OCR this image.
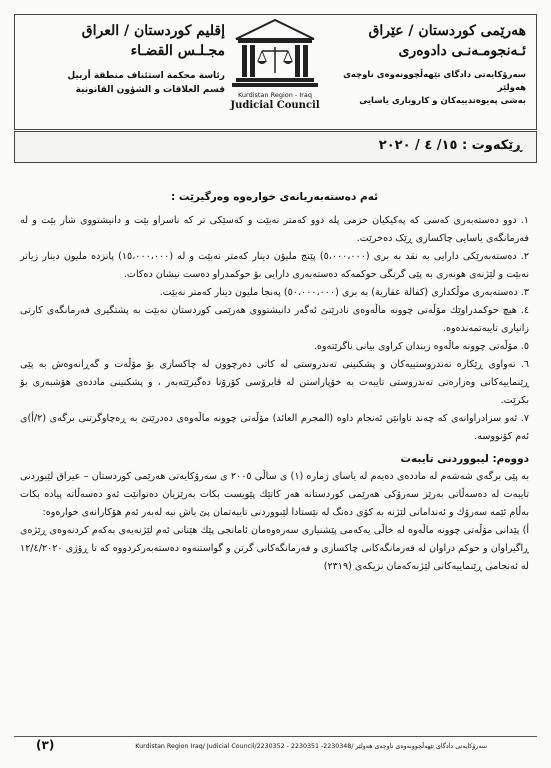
هەرێمی کوردستان / عێراق
ئـەنجومـەنـی دادوەری
سەرۆکایەتی دادگای تێهەڵچوونەوەی ناوچەی هەولێر
بەشی پەیوەندییەکان و کاروباری یاسایی
Kurdistan Region - Iraq
Judicial Council
إقليم كوردستان / العراق
مجـلـس القضـاء
رئاسة محكمة استئناف منطقة أربيل
قسم العلاقات و الشؤون القانونية
ڕێکەوت : ١٥/ ٤ / ٢٠٢٠

ئەم دەستەبەریانەی خوارەوە وەرگیرێت :

١. دوو دەستەبەری کەسی کە پەکیکیان خزمی پلە دوو کەمتر نەبێت و کەسێکی تر کە ناسراو بێت و دانیشتووی شار بێت و لە فەرمانگەی یاسایی چاکسازی ڕێک دەخرێت.

٢. دەستەبەرێکی دارایی بە نقد بە بری (٥،٠٠٠،٠٠٠) پێنج ملیۆن دینار کەمتر نەبێت و لە (١٥،٠٠٠،٠٠٠) پانزدە ملیون دینار زیاتر نەبێت و لێژنەی هونەری بە پێی گرنگی حوکمەکە دەستەبەری دارایی بۆ حوکمدراو دەست نیشان دەکات.

٣. دەستەبەری موڵکداری (كفالة عقارية) بە بری (٥٠،٠٠٠،٠٠٠) پەنجا ملیون دینار کەمتر نەبێت.

٤. هیچ حوکمدراوێك مۆڵەتی چوونە ماڵەوەی نادرێتێ ئەگەر دانیشتووی هەرێمی کوردستان نەبێت بە پشتگیری فەرمانگەی کارتی زانیاری تایبەتمەندەوە.

٥. مۆڵەتی چوونە ماڵەوە زیندان کراوی بیانی ناگرێتەوە.

٦. تەواوی ڕێکارە تەندروستییەکان و پشکنینی تەندروستی لە کاتی دەرچوون لە چاکسازی بۆ مۆڵەت و گەڕانەوەش بە پێی ڕێنماییەکانی وەزارەتی تەندروستی تایبەت بە خۆپاراستن لە ڤایرۆسی کۆرۆنا دەگیرێتەبەر ، و پشکنینی ماددەی هۆشبەری بۆ بکرێت.

٧. ئەو سزادراوانەی کە چەند تاوانێن ئەنجام داوە (المجرم العائد) مۆڵەتی چوونە ماڵەوەی دەدرێتێ بە ڕەچاوگرتنی برگەی (٢/أ)ی ئەم کۆنووسە.

دووەم: لیبووردنی تایبەت

بە پێی برگەی شەشەم لە ماددەی دەیەم لە یاسای ژمارە (١) ی ساڵی ٢٠٠٥ ی سەرۆکایەتی هەرێمی کوردستان – عیراق لێبوردنی تایبەت لە دەسەڵاتی بەرێز سەرۆکی هەرێمی کوردستانە هەر کاتێك پێویست بکات بەرێزیان دەتوانێت ئەو دەسەڵاتە پیادە بکات بەڵام ئێمە سەرۆك و ئەندامانی لێژنە بە کۆی دەنگ لە نێستادا لێبووردنی تایبەتمان پێ باش نیە لەبەر ئەم هۆکارانەی خوارەوە:

أ) پێدانی مۆڵەتی چوونە ماڵەوە لە خاڵی یەکەمی پێشنیاری سەرەوەمان ئامانجی پێك هێنانی ئەم لێژنەیەی بەکەم کردنەوەی ڕێژەی ڕاگیراوان و حوکم دراوان لە فەرمانگەکانی چاکسازی و فەرمانگەکانی گرتن و گواستنەوە دەستەبەرکردووە کە تا ڕۆژی ١٢/٤/٢٠٢٠ لە ئەنجامی ڕێنماییەکانی لێژنەکەمان نزیکەی (٢٣١٩)

سەرۆکایەتی دادگای تێهەڵچوونەوەی ناوچەی هەولێر /Kurdistan Region Iraq/ Judicial Council/2230352 - 2230351 -2230348
(٣)
